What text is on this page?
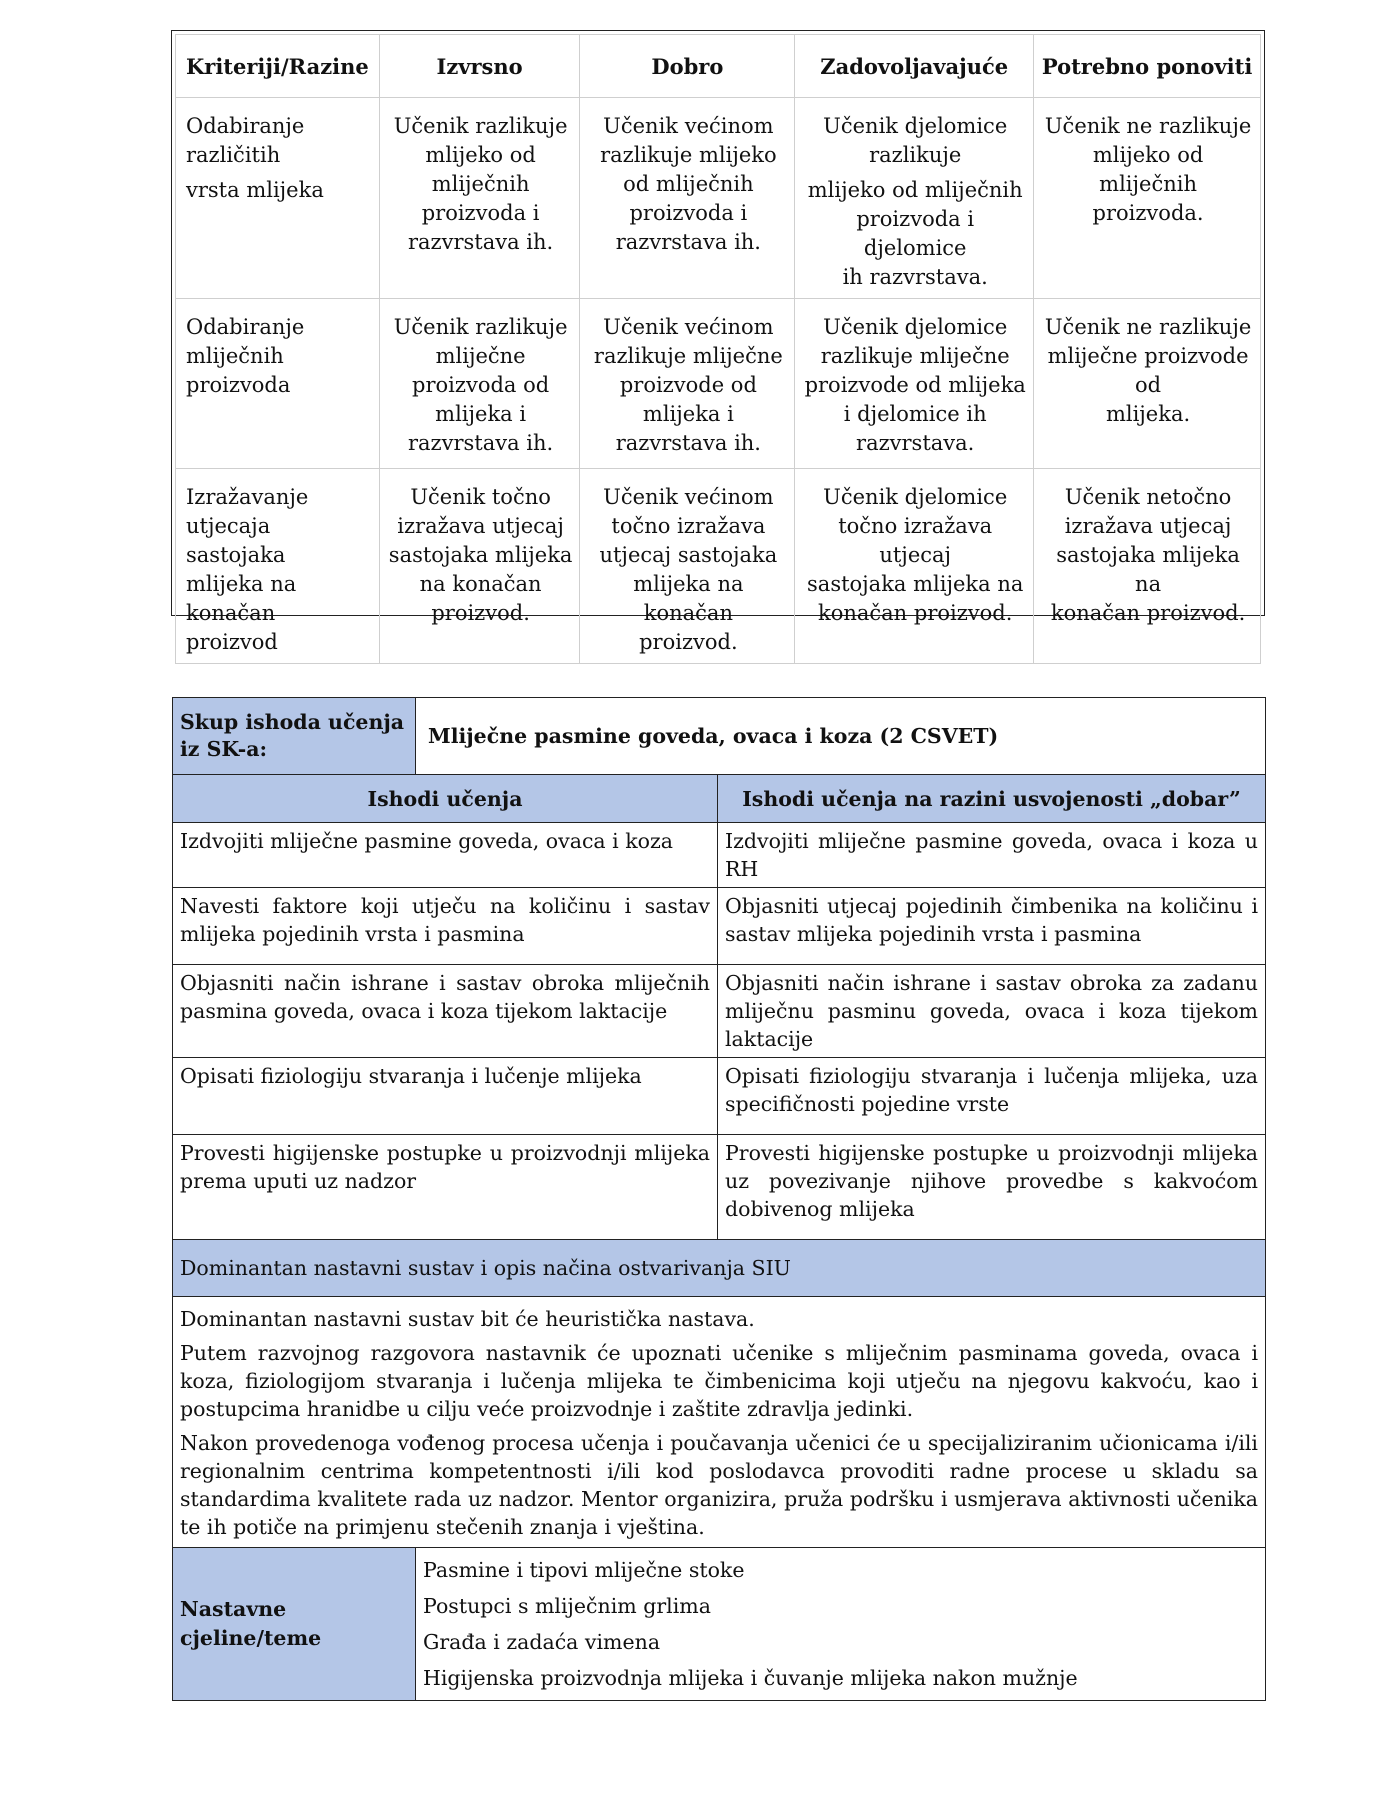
Kriteriji/Razine	Izvrsno	Dobro	Zadovoljavajuće	Potrebno ponoviti

Odabiranje
različitih
vrsta mlijeka	Učenik razlikuje
mlijeko od
mliječnih
proizvoda i
razvrstava ih.	Učenik većinom
razlikuje mlijeko
od mliječnih
proizvoda i
razvrstava ih.	Učenik djelomice
razlikuje
mlijeko od mliječnih
proizvoda i djelomice
ih razvrstava.	Učenik ne razlikuje
mlijeko od mliječnih
proizvoda.

Odabiranje
mliječnih
proizvoda	Učenik razlikuje
mliječne
proizvoda od
mlijeka i
razvrstava ih.	Učenik većinom
razlikuje mliječne
proizvode od
mlijeka i
razvrstava ih.	Učenik djelomice
razlikuje mliječne
proizvode od mlijeka
i djelomice ih
razvrstava.	Učenik ne razlikuje
mliječne proizvode od
mlijeka.

Izražavanje
utjecaja sastojaka
mlijeka na
konačan proizvod	Učenik točno
izražava utjecaj
sastojaka mlijeka
na konačan
proizvod.	Učenik većinom
točno izražava
utjecaj sastojaka
mlijeka na konačan
proizvod.	Učenik djelomice
točno izražava utjecaj
sastojaka mlijeka na
konačan proizvod.	Učenik netočno
izražava utjecaj
sastojaka mlijeka na
konačan proizvod.
Skup ishoda učenja iz SK-a:	Mliječne pasmine goveda, ovaca i koza (2 CSVET)	
Ishodi učenja		Ishodi učenja na razini usvojenosti „dobar”
Izdvojiti mliječne pasmine goveda, ovaca i koza		Izdvojiti mliječne pasmine goveda, ovaca i koza u RH
Navesti faktore koji utječu na količinu i sastav mlijeka pojedinih vrsta i pasmina		Objasniti utjecaj pojedinih čimbenika na količinu i sastav mlijeka pojedinih vrsta i pasmina
Objasniti način ishrane i sastav obroka mliječnih pasmina goveda, ovaca i koza tijekom laktacije		Objasniti način ishrane i sastav obroka za zadanu mliječnu pasminu goveda, ovaca i koza tijekom laktacije
Opisati fiziologiju stvaranja i lučenje mlijeka		Opisati fiziologiju stvaranja i lučenja mlijeka, uza specifičnosti pojedine vrste
Provesti higijenske postupke u proizvodnji mlijeka prema uputi uz nadzor		Provesti higijenske postupke u proizvodnji mlijeka uz povezivanje njihove provedbe s kakvoćom dobivenog mlijeka
Dominantan nastavni sustav i opis načina ostvarivanja SIU		

Dominantan nastavni sustav bit će heuristička nastava.

Putem razvojnog razgovora nastavnik će upoznati učenike s mliječnim pasminama goveda, ovaca i koza, fiziologijom stvaranja i lučenja mlijeka te čimbenicima koji utječu na njegovu kakvoću, kao i postupcima hranidbe u cilju veće proizvodnje i zaštite zdravlja jedinki.

Nakon provedenoga vođenog procesa učenja i poučavanja učenici će u specijaliziranim učionicama i/ili regionalnim centrima kompetentnosti i/ili kod poslodavca provoditi radne procese u skladu sa standardima kvalitete rada uz nadzor. Mentor organizira, pruža podršku i usmjerava aktivnosti učenika te ih potiče na primjenu stečenih znanja i vještina.		

Nastavne cjeline/teme	Pasmine i tipovi mliječne stoke

Postupci s mliječnim grlima

Građa i zadaća vimena

Higijenska proizvodnja mlijeka i čuvanje mlijeka nakon mužnje	
